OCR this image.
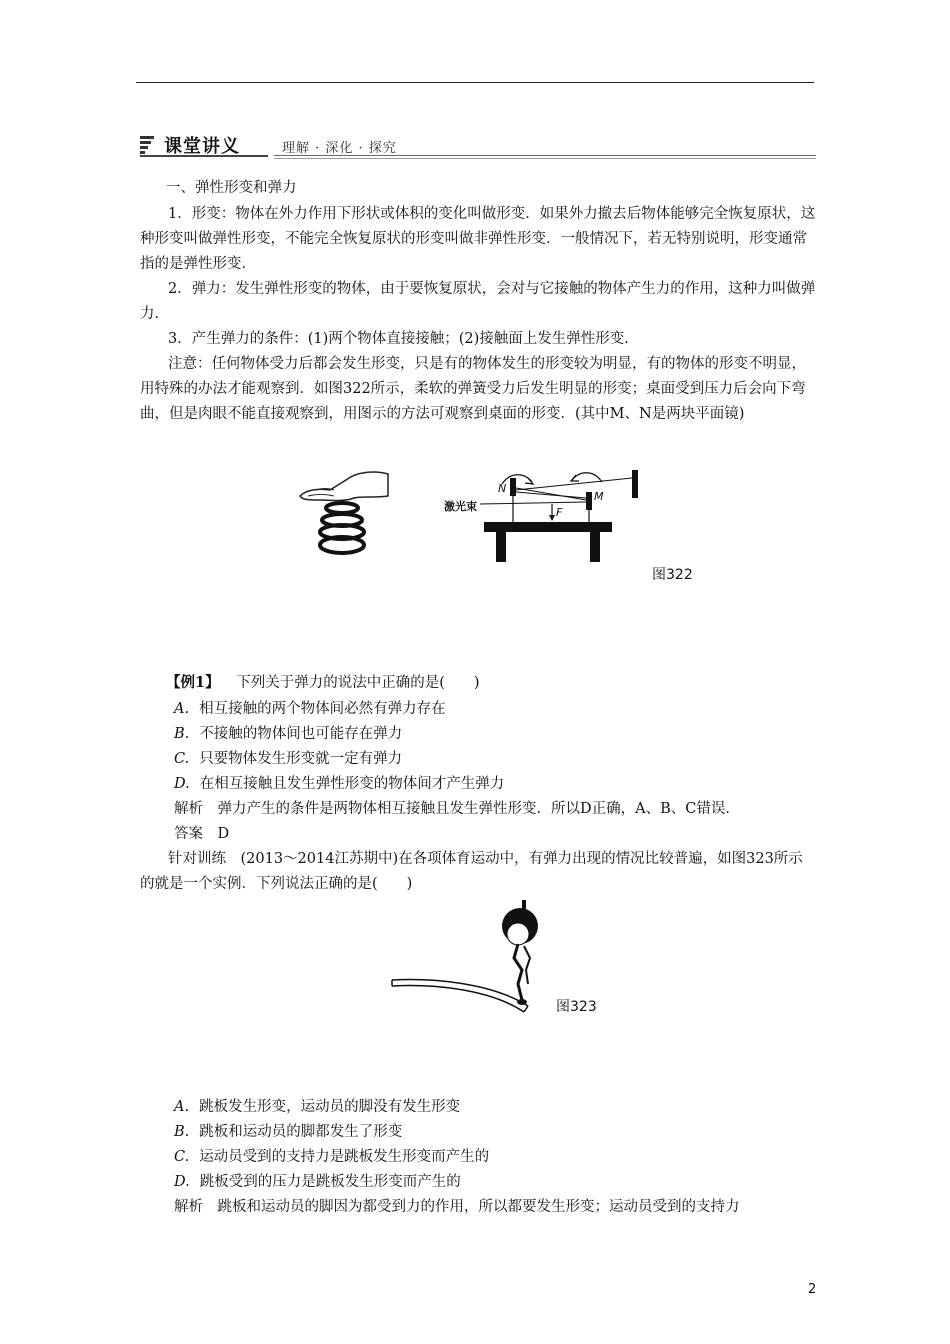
课堂讲义	理解 · 深化 · 探究

一、弹性形变和弹力

1．形变：物体在外力作用下形状或体积的变化叫做形变．如果外力撤去后物体能够完全恢复原状，这种形变叫做弹性形变，不能完全恢复原状的形变叫做非弹性形变．一般情况下，若无特别说明，形变通常指的是弹性形变．

2．弹力：发生弹性形变的物体，由于要恢复原状，会对与它接触的物体产生力的作用，这种力叫做弹力．

3．产生弹力的条件：(1)两个物体直接接触；(2)接触面上发生弹性形变．

注意：任何物体受力后都会发生形变，只是有的物体发生的形变较为明显，有的物体的形变不明显，用特殊的办法才能观察到．如图322所示，柔软的弹簧受力后发生明显的形变；桌面受到压力后会向下弯曲，但是肉眼不能直接观察到，用图示的方法可观察到桌面的形变．(其中M、N是两块平面镜)

激光束
N
M
F
图322

【例1】 下列关于弹力的说法中正确的是(　　)

A. 相互接触的两个物体间必然有弹力存在
B. 不接触的物体间也可能存在弹力
C. 只要物体发生形变就一定有弹力
D. 在相互接触且发生弹性形变的物体间才产生弹力

解析　弹力产生的条件是两物体相互接触且发生弹性形变．所以D正确，A、B、C错误．

答案　D

针对训练　(2013～2014江苏期中)在各项体育运动中，有弹力出现的情况比较普遍，如图323所示的就是一个实例．下列说法正确的是(　　)

图323
A. 跳板发生形变，运动员的脚没有发生形变
B. 跳板和运动员的脚都发生了形变
C. 运动员受到的支持力是跳板发生形变而产生的
D. 跳板受到的压力是跳板发生形变而产生的

解析　跳板和运动员的脚因为都受到力的作用，所以都要发生形变；运动员受到的支持力

2
